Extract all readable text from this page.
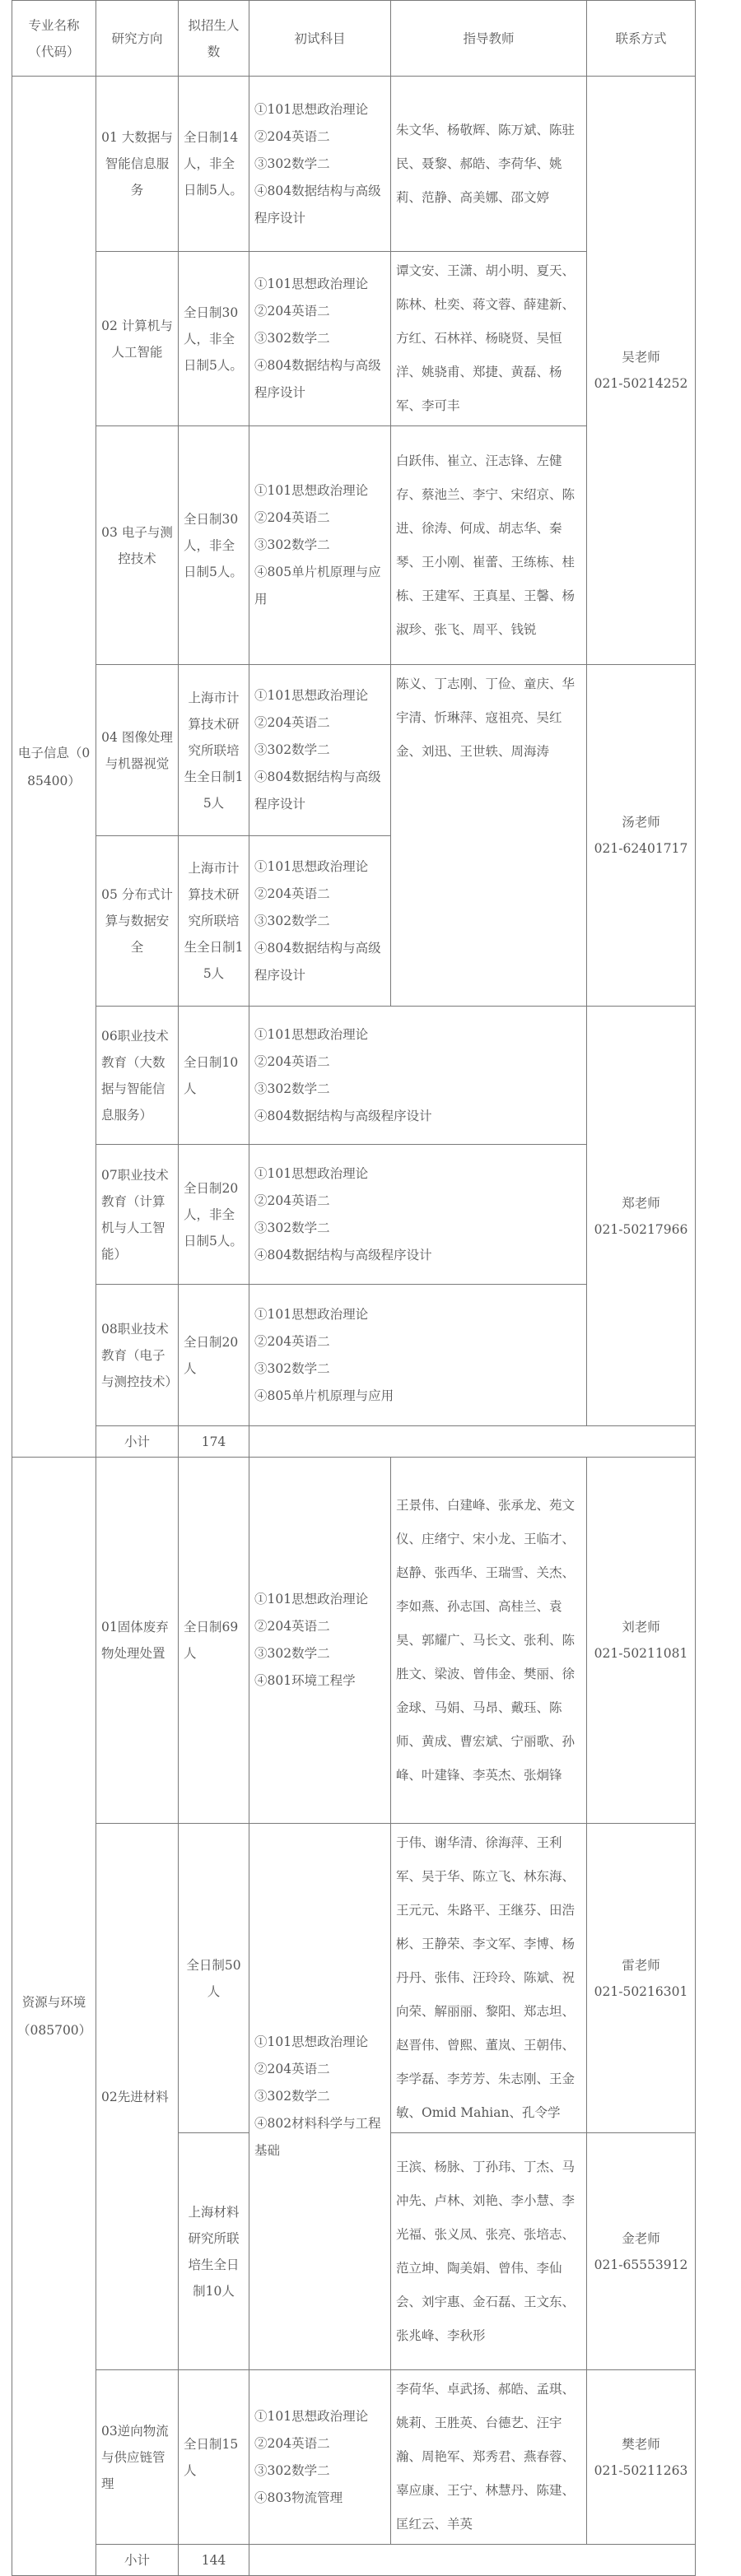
专业名称（代码）	研究方向	拟招生人数	初试科目	指导教师	联系方式
电子信息（085400）	01 大数据与智能信息服务	全日制14人，非全日制5人。	①101思想政治理论
②204英语二
③302数学二
④804数据结构与高级程序设计	朱文华、杨敬辉、陈万斌、陈驻民、聂黎、郝皓、李荷华、姚莉、范静、高美娜、邵文婷	吴老师
021-50214252

	02 计算机与人工智能	全日制30人，非全日制5人。	①101思想政治理论
②204英语二
③302数学二
④804数据结构与高级程序设计	谭文安、王潇、胡小明、夏天、陈林、杜奕、蒋文蓉、薛建新、方红、石林祥、杨晓贤、吴恒洋、姚骁甫、郑捷、黄磊、杨军、李可丰	
	03 电子与测控技术	全日制30人，非全日制5人。	①101思想政治理论
②204英语二
③302数学二
④805单片机原理与应用	白跃伟、崔立、汪志锋、左健存、蔡池兰、李宁、宋绍京、陈进、徐涛、何成、胡志华、秦琴、王小刚、崔蕾、王练栋、桂栋、王建军、王真星、王馨、杨淑珍、张飞、周平、钱锐	
	04 图像处理与机器视觉	上海市计算技术研究所联培生全日制15人	①101思想政治理论
②204英语二
③302数学二
④804数据结构与高级程序设计	陈义、丁志刚、丁俭、童庆、华宇清、忻琳萍、寇祖亮、吴红金、刘迅、王世轶、周海涛	汤老师
021-62401717

	05 分布式计算与数据安全	上海市计算技术研究所联培生全日制15人	①101思想政治理论
②204英语二
③302数学二
④804数据结构与高级程序设计		

	06职业技术教育（大数据与智能信息服务）	全日制10人	①101思想政治理论
②204英语二
③302数学二
④804数据结构与高级程序设计		郑老师
021-50217966

	07职业技术教育（计算机与人工智能）	全日制20人，非全日制5人。	①101思想政治理论
②204英语二
③302数学二
④804数据结构与高级程序设计		

	08职业技术教育（电子与测控技术）	全日制20人	①101思想政治理论
②204英语二
③302数学二
④805单片机原理与应用		

	小计	174			
资源与环境（085700）	01固体废弃物处理处置	全日制69人	①101思想政治理论
②204英语二
③302数学二
④801环境工程学	王景伟、白建峰、张承龙、苑文仪、庄绪宁、宋小龙、王临才、赵静、张西华、王瑞雪、关杰、李如燕、孙志国、高桂兰、袁昊、郭耀广、马长文、张利、陈胜文、梁波、曾伟金、樊丽、徐金球、马娟、马昂、戴珏、陈师、黄成、曹宏斌、宁丽歌、孙峰、叶建锋、李英杰、张炯锋	刘老师
021-50211081

	02先进材料	全日制50人	①101思想政治理论
②204英语二
③302数学二
④802材料科学与工程基础	于伟、谢华清、徐海萍、王利军、吴于华、陈立飞、林东海、王元元、朱路平、王继芬、田浩彬、王静荣、李文军、李博、杨丹丹、张伟、汪玲玲、陈斌、祝向荣、解丽丽、黎阳、郑志坦、赵晋伟、曾熙、董岚、王朝伟、李学磊、李芳芳、朱志刚、王金敏、Omid Mahian、孔令学	雷老师
021-50216301

		上海材料研究所联培生全日制10人		王滨、杨脉、丁孙玮、丁杰、马冲先、卢林、刘艳、李小慧、李光福、张义凤、张亮、张培志、范立坤、陶美娟、曾伟、李仙会、刘宇惠、金石磊、王文东、张兆峰、李秋形	金老师
021-65553912

	03逆向物流与供应链管理	全日制15人	①101思想政治理论
②204英语二
③302数学二
④803物流管理	李荷华、卓武扬、郝皓、孟琪、姚莉、王胜英、台德艺、汪宇瀚、周艳军、郑秀君、燕春蓉、辜应康、王宁、林慧丹、陈建、匡红云、羊英	樊老师
021-50211263

	小计	144			
